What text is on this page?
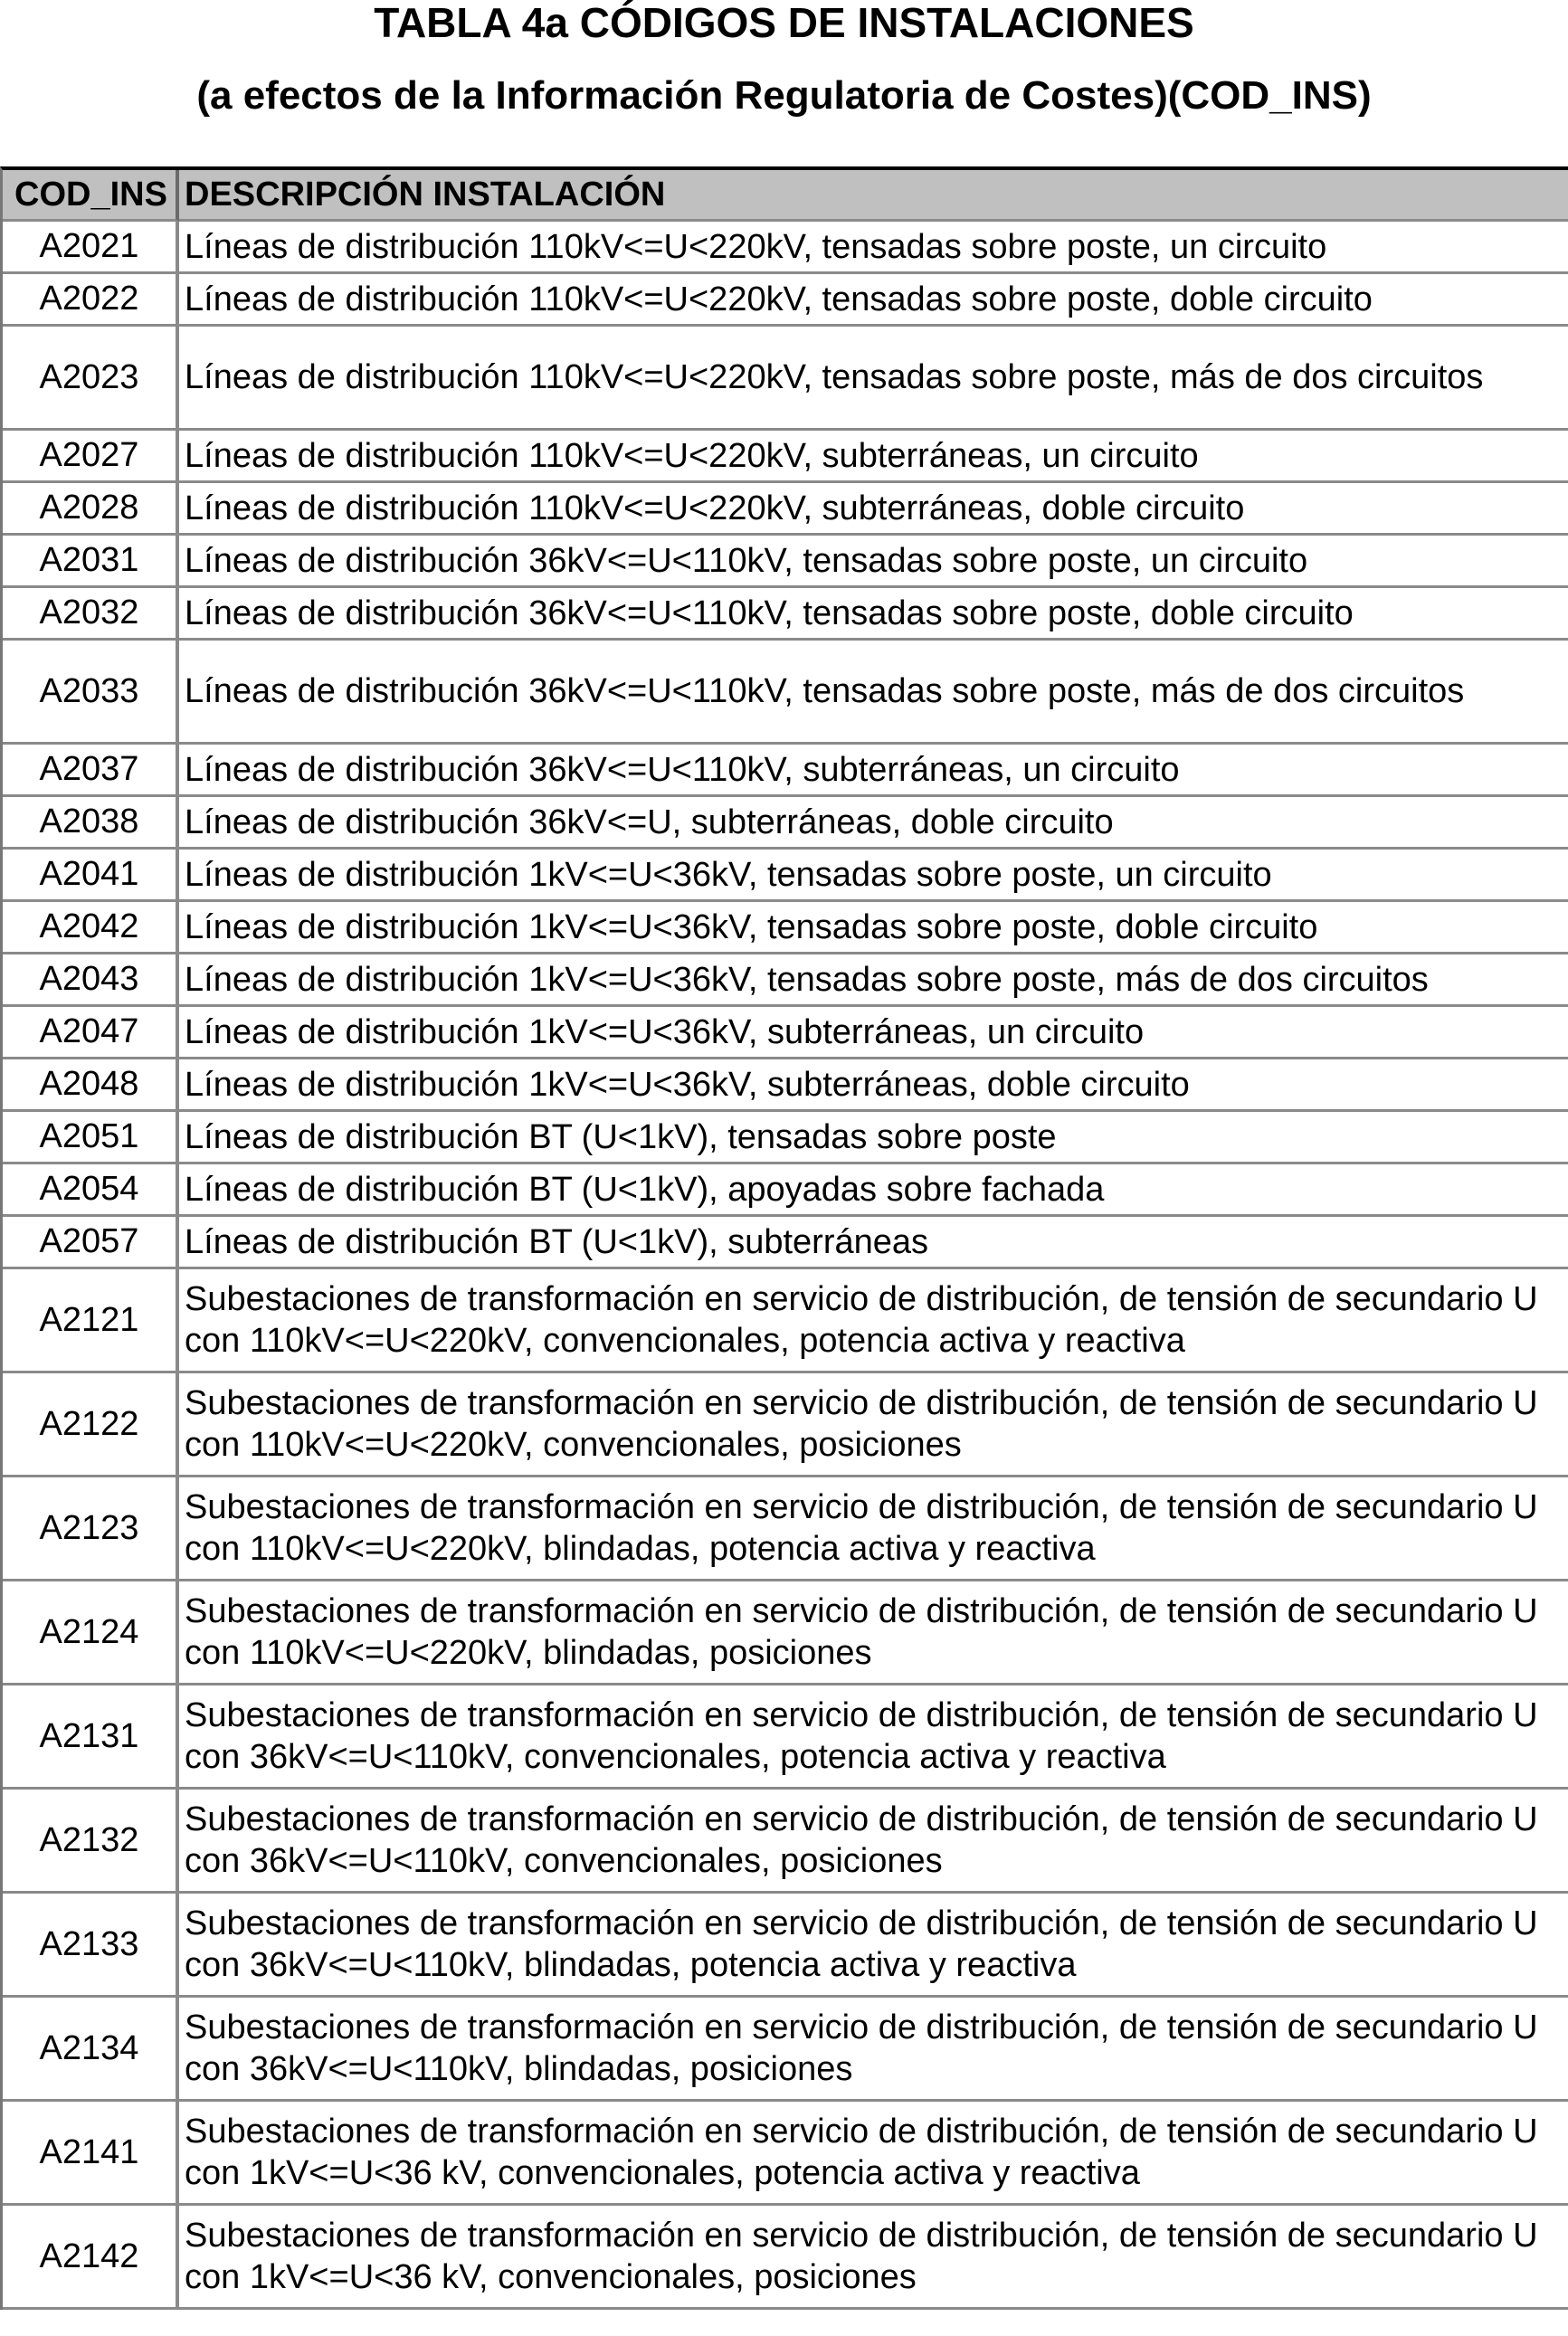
TABLA 4a CÓDIGOS DE INSTALACIONES
(a efectos de la Información Regulatoria de Costes)(COD_INS)
COD_INS	DESCRIPCIÓN INSTALACIÓN
A2021	Líneas de distribución 110kV<=U<220kV, tensadas sobre poste, un circuito
A2022	Líneas de distribución 110kV<=U<220kV, tensadas sobre poste, doble circuito
A2023	Líneas de distribución 110kV<=U<220kV, tensadas sobre poste, más de dos circuitos
A2027	Líneas de distribución 110kV<=U<220kV, subterráneas, un circuito
A2028	Líneas de distribución 110kV<=U<220kV, subterráneas, doble circuito
A2031	Líneas de distribución 36kV<=U<110kV, tensadas sobre poste, un circuito
A2032	Líneas de distribución 36kV<=U<110kV, tensadas sobre poste, doble circuito
A2033	Líneas de distribución 36kV<=U<110kV, tensadas sobre poste, más de dos circuitos
A2037	Líneas de distribución 36kV<=U<110kV, subterráneas, un circuito
A2038	Líneas de distribución 36kV<=U, subterráneas, doble circuito
A2041	Líneas de distribución 1kV<=U<36kV, tensadas sobre poste, un circuito
A2042	Líneas de distribución 1kV<=U<36kV, tensadas sobre poste, doble circuito
A2043	Líneas de distribución 1kV<=U<36kV, tensadas sobre poste, más de dos circuitos
A2047	Líneas de distribución 1kV<=U<36kV, subterráneas, un circuito
A2048	Líneas de distribución 1kV<=U<36kV, subterráneas, doble circuito
A2051	Líneas de distribución BT (U<1kV), tensadas sobre poste
A2054	Líneas de distribución BT (U<1kV), apoyadas sobre fachada
A2057	Líneas de distribución BT (U<1kV), subterráneas
A2121	Subestaciones de transformación en servicio de distribución, de tensión de secundario U con 110kV<=U<220kV, convencionales, potencia activa y reactiva
A2122	Subestaciones de transformación en servicio de distribución, de tensión de secundario U con 110kV<=U<220kV, convencionales, posiciones
A2123	Subestaciones de transformación en servicio de distribución, de tensión de secundario U con 110kV<=U<220kV, blindadas, potencia activa y reactiva
A2124	Subestaciones de transformación en servicio de distribución, de tensión de secundario U con 110kV<=U<220kV, blindadas, posiciones
A2131	Subestaciones de transformación en servicio de distribución, de tensión de secundario U con 36kV<=U<110kV, convencionales, potencia activa y reactiva
A2132	Subestaciones de transformación en servicio de distribución, de tensión de secundario U con 36kV<=U<110kV, convencionales, posiciones
A2133	Subestaciones de transformación en servicio de distribución, de tensión de secundario U con 36kV<=U<110kV, blindadas, potencia activa y reactiva
A2134	Subestaciones de transformación en servicio de distribución, de tensión de secundario U con 36kV<=U<110kV, blindadas, posiciones
A2141	Subestaciones de transformación en servicio de distribución, de tensión de secundario U con 1kV<=U<36 kV, convencionales, potencia activa y reactiva
A2142	Subestaciones de transformación en servicio de distribución, de tensión de secundario U con 1kV<=U<36 kV, convencionales, posiciones
